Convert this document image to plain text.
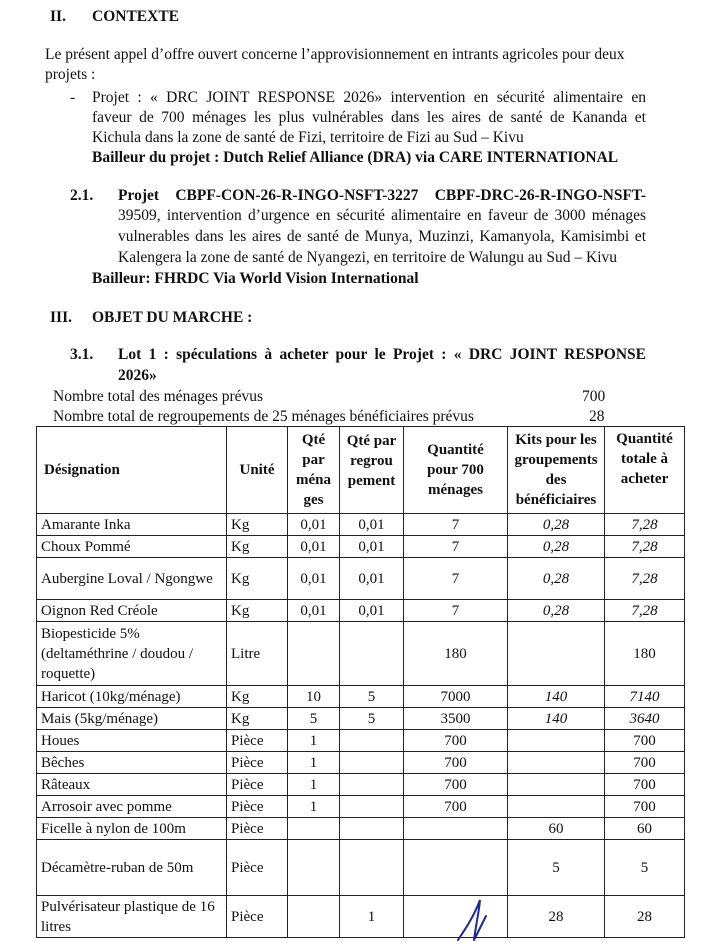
II. CONTEXTE
Le présent appel d’offre ouvert concerne l’approvisionnement en intrants agricoles pour deux
projets :
- Projet : « DRC JOINT RESPONSE 2026» intervention en sécurité alimentaire en
faveur de 700 ménages les plus vulnérables dans les aires de santé de Kananda et
Kichula dans la zone de santé de Fizi, territoire de Fizi au Sud – Kivu
Bailleur du projet : Dutch Relief Alliance (DRA) via CARE INTERNATIONAL
2.1. Projet CBPF-CON-26-R-INGO-NSFT-3227 CBPF-DRC-26-R-INGO-NSFT-
39509, intervention d’urgence en sécurité alimentaire en faveur de 3000 ménages
vulnerables dans les aires de santé de Munya, Muzinzi, Kamanyola, Kamisimbi et
Kalengera la zone de santé de Nyangezi, en territoire de Walungu au Sud – Kivu
Bailleur: FHRDC Via World Vision International
III. OBJET DU MARCHE :
3.1. Lot 1 : spéculations à acheter pour le Projet : « DRC JOINT RESPONSE
2026»
Nombre total des ménages prévus	700
Nombre total de regroupements de 25 ménages bénéficiaires prévus	28
Désignation	Unité	Qté
par
ména
ges	Qté par
regrou
pement	Quantité
pour 700
ménages	Kits pour les
groupements
des
bénéficiaires	Quantité
totale à
acheter
Amarante Inka	Kg	0,01	0,01	7	0,28	7,28
Choux Pommé	Kg	0,01	0,01	7	0,28	7,28
Aubergine Loval / Ngongwe	Kg	0,01	0,01	7	0,28	7,28
Oignon Red Créole	Kg	0,01	0,01	7	0,28	7,28
Biopesticide 5% (deltaméthrine / doudou / roquette)	Litre			180		180
Haricot (10kg/ménage)	Kg	10	5	7000	140	7140
Mais (5kg/ménage)	Kg	5	5	3500	140	3640
Houes	Pièce	1		700		700
Bêches	Pièce	1		700		700
Râteaux	Pièce	1		700		700
Arrosoir avec pomme	Pièce	1		700		700
Ficelle à nylon de 100m	Pièce				60	60
Décamètre-ruban de 50m	Pièce				5	5
Pulvérisateur plastique de 16 litres	Pièce		1		28	28
